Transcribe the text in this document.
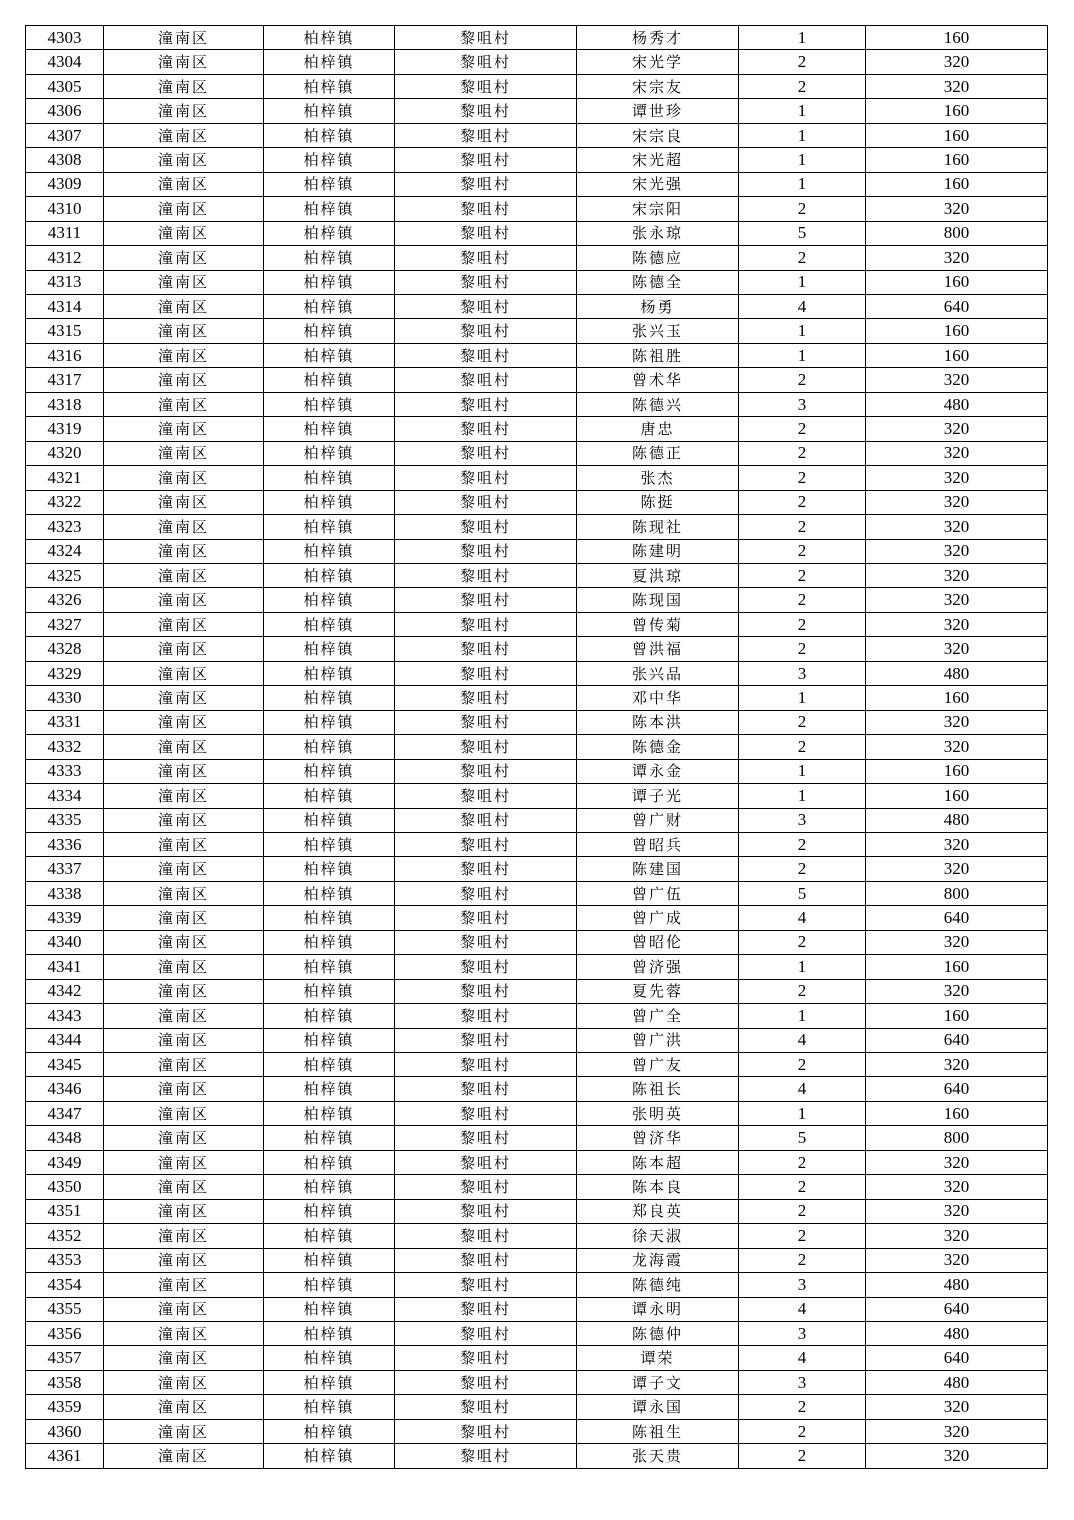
4303	潼南区	柏梓镇	黎咀村	杨秀才	1	160
4304	潼南区	柏梓镇	黎咀村	宋光学	2	320
4305	潼南区	柏梓镇	黎咀村	宋宗友	2	320
4306	潼南区	柏梓镇	黎咀村	谭世珍	1	160
4307	潼南区	柏梓镇	黎咀村	宋宗良	1	160
4308	潼南区	柏梓镇	黎咀村	宋光超	1	160
4309	潼南区	柏梓镇	黎咀村	宋光强	1	160
4310	潼南区	柏梓镇	黎咀村	宋宗阳	2	320
4311	潼南区	柏梓镇	黎咀村	张永琼	5	800
4312	潼南区	柏梓镇	黎咀村	陈德应	2	320
4313	潼南区	柏梓镇	黎咀村	陈德全	1	160
4314	潼南区	柏梓镇	黎咀村	杨勇	4	640
4315	潼南区	柏梓镇	黎咀村	张兴玉	1	160
4316	潼南区	柏梓镇	黎咀村	陈祖胜	1	160
4317	潼南区	柏梓镇	黎咀村	曾术华	2	320
4318	潼南区	柏梓镇	黎咀村	陈德兴	3	480
4319	潼南区	柏梓镇	黎咀村	唐忠	2	320
4320	潼南区	柏梓镇	黎咀村	陈德正	2	320
4321	潼南区	柏梓镇	黎咀村	张杰	2	320
4322	潼南区	柏梓镇	黎咀村	陈挺	2	320
4323	潼南区	柏梓镇	黎咀村	陈现社	2	320
4324	潼南区	柏梓镇	黎咀村	陈建明	2	320
4325	潼南区	柏梓镇	黎咀村	夏洪琼	2	320
4326	潼南区	柏梓镇	黎咀村	陈现国	2	320
4327	潼南区	柏梓镇	黎咀村	曾传菊	2	320
4328	潼南区	柏梓镇	黎咀村	曾洪福	2	320
4329	潼南区	柏梓镇	黎咀村	张兴品	3	480
4330	潼南区	柏梓镇	黎咀村	邓中华	1	160
4331	潼南区	柏梓镇	黎咀村	陈本洪	2	320
4332	潼南区	柏梓镇	黎咀村	陈德金	2	320
4333	潼南区	柏梓镇	黎咀村	谭永金	1	160
4334	潼南区	柏梓镇	黎咀村	谭子光	1	160
4335	潼南区	柏梓镇	黎咀村	曾广财	3	480
4336	潼南区	柏梓镇	黎咀村	曾昭兵	2	320
4337	潼南区	柏梓镇	黎咀村	陈建国	2	320
4338	潼南区	柏梓镇	黎咀村	曾广伍	5	800
4339	潼南区	柏梓镇	黎咀村	曾广成	4	640
4340	潼南区	柏梓镇	黎咀村	曾昭伦	2	320
4341	潼南区	柏梓镇	黎咀村	曾济强	1	160
4342	潼南区	柏梓镇	黎咀村	夏先蓉	2	320
4343	潼南区	柏梓镇	黎咀村	曾广全	1	160
4344	潼南区	柏梓镇	黎咀村	曾广洪	4	640
4345	潼南区	柏梓镇	黎咀村	曾广友	2	320
4346	潼南区	柏梓镇	黎咀村	陈祖长	4	640
4347	潼南区	柏梓镇	黎咀村	张明英	1	160
4348	潼南区	柏梓镇	黎咀村	曾济华	5	800
4349	潼南区	柏梓镇	黎咀村	陈本超	2	320
4350	潼南区	柏梓镇	黎咀村	陈本良	2	320
4351	潼南区	柏梓镇	黎咀村	郑良英	2	320
4352	潼南区	柏梓镇	黎咀村	徐天淑	2	320
4353	潼南区	柏梓镇	黎咀村	龙海霞	2	320
4354	潼南区	柏梓镇	黎咀村	陈德纯	3	480
4355	潼南区	柏梓镇	黎咀村	谭永明	4	640
4356	潼南区	柏梓镇	黎咀村	陈德仲	3	480
4357	潼南区	柏梓镇	黎咀村	谭荣	4	640
4358	潼南区	柏梓镇	黎咀村	谭子文	3	480
4359	潼南区	柏梓镇	黎咀村	谭永国	2	320
4360	潼南区	柏梓镇	黎咀村	陈祖生	2	320
4361	潼南区	柏梓镇	黎咀村	张天贵	2	320
